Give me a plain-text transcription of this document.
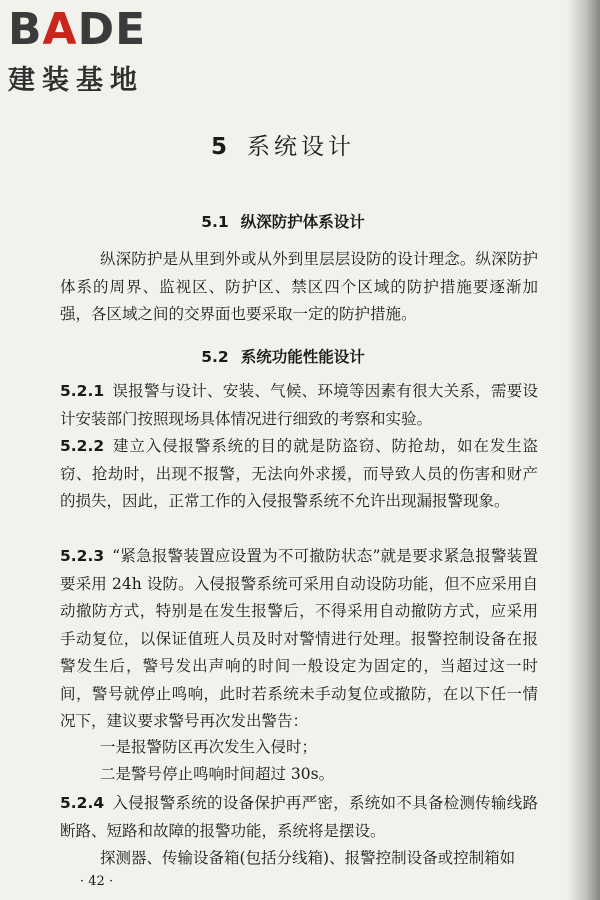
BADE
建装基地
5 系统设计
5.1 纵深防护体系设计
纵深防护是从里到外或从外到里层层设防的设计理念。纵深防护体系的周界、监视区、防护区、禁区四个区域的防护措施要逐渐加强，各区域之间的交界面也要采取一定的防护措施。
5.2 系统功能性能设计
5.2.1 误报警与设计、安装、气候、环境等因素有很大关系，需要设计安装部门按照现场具体情况进行细致的考察和实验。
5.2.2 建立入侵报警系统的目的就是防盗窃、防抢劫，如在发生盗窃、抢劫时，出现不报警，无法向外求援，而导致人员的伤害和财产的损失，因此，正常工作的入侵报警系统不允许出现漏报警现象。
5.2.3 “紧急报警装置应设置为不可撤防状态”就是要求紧急报警装置要采用 24h 设防。入侵报警系统可采用自动设防功能，但不应采用自动撤防方式，特别是在发生报警后，不得采用自动撤防方式，应采用手动复位，以保证值班人员及时对警情进行处理。报警控制设备在报警发生后，警号发出声响的时间一般设定为固定的，当超过这一时间，警号就停止鸣响，此时若系统未手动复位或撤防，在以下任一情况下，建议要求警号再次发出警告：
一是报警防区再次发生入侵时；
二是警号停止鸣响时间超过 30s。
5.2.4 入侵报警系统的设备保护再严密，系统如不具备检测传输线路断路、短路和故障的报警功能，系统将是摆设。
探测器、传输设备箱(包括分线箱)、报警控制设备或控制箱如
· 42 ·
